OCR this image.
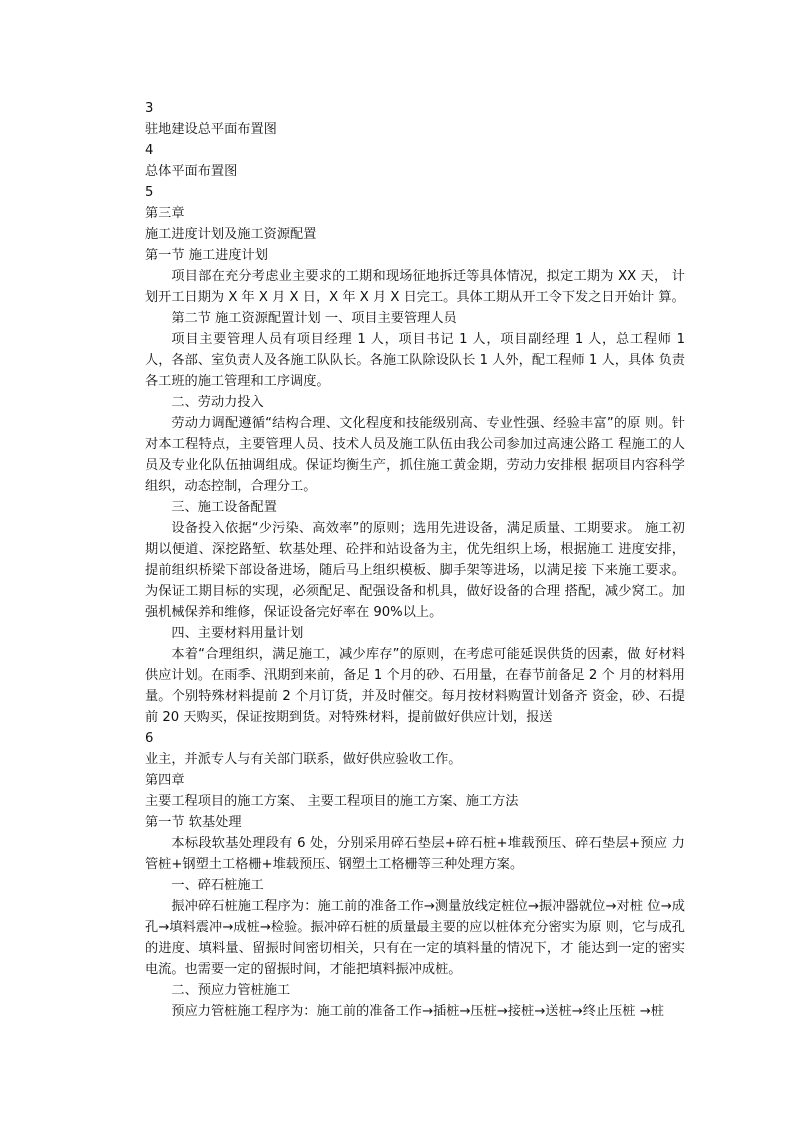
3
驻地建设总平面布置图
4
总体平面布置图
5
第三章
施工进度计划及施工资源配置
第一节 施工进度计划

项目部在充分考虑业主要求的工期和现场征地拆迁等具体情况，拟定工期为 XX 天， 计划开工日期为 X 年 X 月 X 日，X 年 X 月 X 日完工。具体工期从开工令下发之日开始计 算。

第二节 施工资源配置计划 一、项目主要管理人员

项目主要管理人员有项目经理 1 人，项目书记 1 人，项目副经理 1 人，总工程师 1 人，各部、室负责人及各施工队队长。各施工队除设队长 1 人外，配工程师 1 人，具体 负责各工班的施工管理和工序调度。

二、劳动力投入

劳动力调配遵循“结构合理、文化程度和技能级别高、专业性强、经验丰富”的原 则。针对本工程特点，主要管理人员、技术人员及施工队伍由我公司参加过高速公路工 程施工的人员及专业化队伍抽调组成。保证均衡生产，抓住施工黄金期，劳动力安排根 据项目内容科学组织，动态控制，合理分工。

三、施工设备配置

设备投入依据“少污染、高效率”的原则；选用先进设备，满足质量、工期要求。 施工初期以便道、深挖路堑、软基处理、砼拌和站设备为主，优先组织上场，根据施工 进度安排，提前组织桥梁下部设备进场，随后马上组织模板、脚手架等进场，以满足接 下来施工要求。为保证工期目标的实现，必须配足、配强设备和机具，做好设备的合理 搭配，减少窝工。加强机械保养和维修，保证设备完好率在 90%以上。

四、主要材料用量计划

本着“合理组织，满足施工，减少库存”的原则，在考虑可能延误供货的因素，做 好材料供应计划。在雨季、汛期到来前，备足 1 个月的砂、石用量，在春节前备足 2 个 月的材料用量。个别特殊材料提前 2 个月订货，并及时催交。每月按材料购置计划备齐 资金，砂、石提前 20 天购买，保证按期到货。对特殊材料，提前做好供应计划，报送

6
业主，并派专人与有关部门联系，做好供应验收工作。
第四章
主要工程项目的施工方案、 主要工程项目的施工方案、施工方法
第一节 软基处理

本标段软基处理段有 6 处，分别采用碎石垫层+碎石桩+堆载预压、碎石垫层+预应 力管桩+钢塑土工格栅+堆载预压、钢塑土工格栅等三种处理方案。

一、碎石桩施工

振冲碎石桩施工程序为：施工前的准备工作→测量放线定桩位→振冲器就位→对桩 位→成孔→填料震冲→成桩→检验。振冲碎石桩的质量最主要的应以桩体充分密实为原 则，它与成孔的进度、填料量、留振时间密切相关，只有在一定的填料量的情况下，才 能达到一定的密实电流。也需要一定的留振时间，才能把填料振冲成桩。

二、预应力管桩施工

预应力管桩施工程序为：施工前的准备工作→插桩→压桩→接桩→送桩→终止压桩 →桩
